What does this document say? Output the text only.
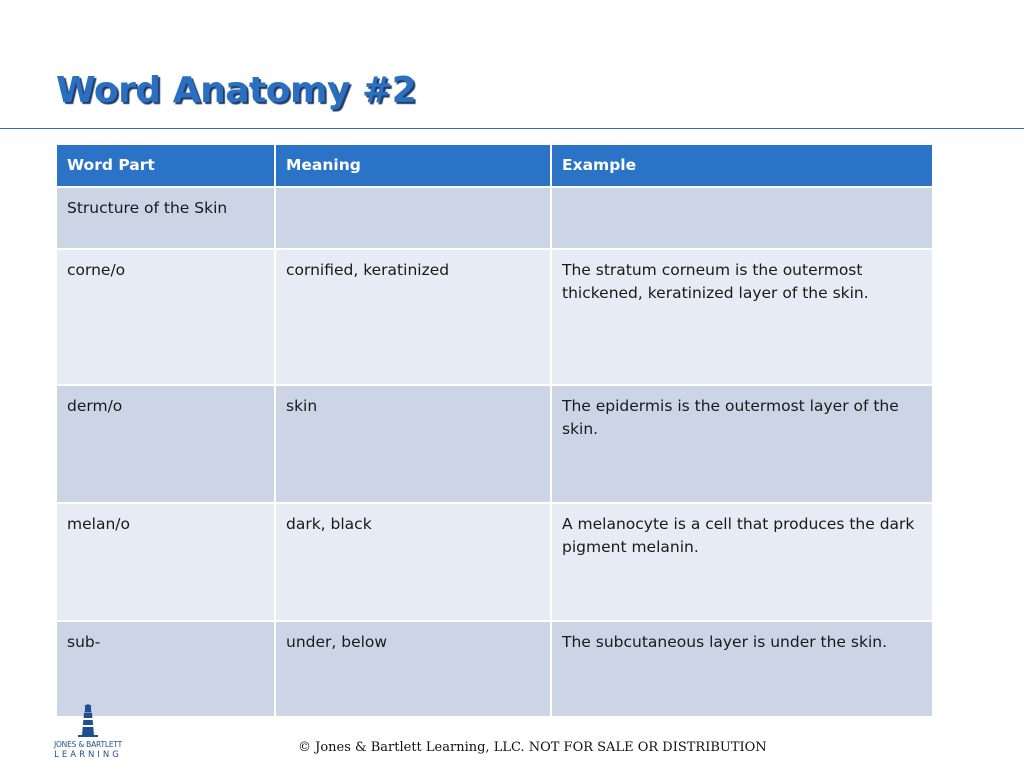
Word Anatomy #2
Word Part	Meaning	Example
Structure of the Skin		
corne/o	cornified, keratinized	The stratum corneum is the outermost thickened, keratinized layer of the skin.
derm/o	skin	The epidermis is the outermost layer of the skin.
melan/o	dark, black	A melanocyte is a cell that produces the dark pigment melanin.
sub-	under, below	The subcutaneous layer is under the skin.
JONES & BARTLETT
LEARNING	© Jones & Bartlett Learning, LLC. NOT FOR SALE OR DISTRIBUTION
